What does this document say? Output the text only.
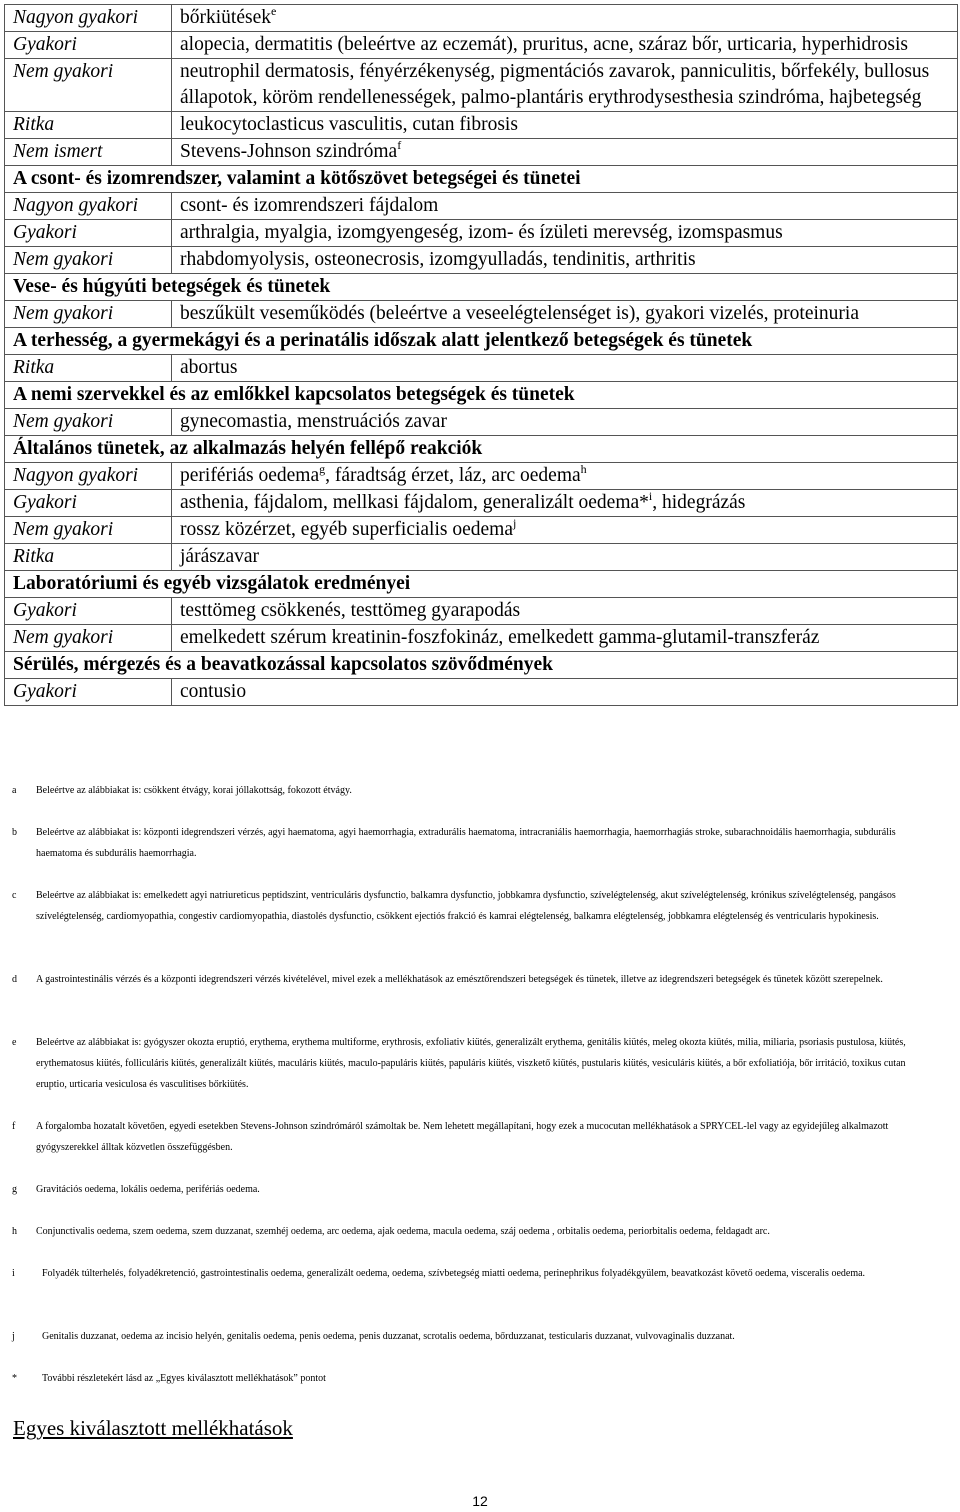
Nagyon gyakori	bőrkiütések$^e$
Gyakori	alopecia, dermatitis (beleértve az eczemát), pruritus, acne, száraz bőr, urticaria, hyperhidrosis
Nem gyakori	neutrophil dermatosis, fényérzékenység, pigmentációs zavarok, panniculitis, bőrfekély, bullosus állapotok, köröm rendellenességek, palmo-plantáris erythrodysesthesia szindróma, hajbetegség
Ritka	leukocytoclasticus vasculitis, cutan fibrosis
Nem ismert	Stevens-Johnson szindróma$^f$
A csont- és izomrendszer, valamint a kötőszövet betegségei és tünetei	
Nagyon gyakori	csont- és izomrendszeri fájdalom
Gyakori	arthralgia, myalgia, izomgyengeség, izom- és ízületi merevség, izomspasmus
Nem gyakori	rhabdomyolysis, osteonecrosis, izomgyulladás, tendinitis, arthritis
Vese- és húgyúti betegségek és tünetek	
Nem gyakori	beszűkült veseműködés (beleértve a veseelégtelenséget is), gyakori vizelés, proteinuria
A terhesség, a gyermekágyi és a perinatális időszak alatt jelentkező betegségek és tünetek	
Ritka	abortus
A nemi szervekkel és az emlőkkel kapcsolatos betegségek és tünetek	
Nem gyakori	gynecomastia, menstruációs zavar
Általános tünetek, az alkalmazás helyén fellépő reakciók	
Nagyon gyakori	perifériás oedema$^g$, fáradtság érzet, láz, arc oedema$^h$
Gyakori	asthenia, fájdalom, mellkasi fájdalom, generalizált oedema*$^i$, hidegrázás
Nem gyakori	rossz közérzet, egyéb superficialis oedema$^j$
Ritka	járászavar
Laboratóriumi és egyéb vizsgálatok eredményei	
Gyakori	testtömeg csökkenés, testtömeg gyarapodás
Nem gyakori	emelkedett szérum kreatinin-foszfokináz, emelkedett gamma-glutamil-transzferáz
Sérülés, mérgezés és a beavatkozással kapcsolatos szövődmények	
Gyakori	contusio
a Beleértve az alábbiakat is: csökkent étvágy, korai jóllakottság, fokozott étvágy.
b Beleértve az alábbiakat is: központi idegrendszeri vérzés, agyi haematoma, agyi haemorrhagia, extradurális haematoma, intracraniális haemorrhagia, haemorrhagiás stroke, subarachnoidális haemorrhagia, subdurális haematoma és subdurális haemorrhagia.
c Beleértve az alábbiakat is: emelkedett agyi natriureticus peptidszint, ventriculáris dysfunctio, balkamra dysfunctio, jobbkamra dysfunctio, szívelégtelenség, akut szívelégtelenség, krónikus szívelégtelenség, pangásos szívelégtelenség, cardiomyopathia, congestiv cardiomyopathia, diastolés dysfunctio, csökkent ejectiós frakció és kamrai elégtelenség, balkamra elégtelenség, jobbkamra elégtelenség és ventricularis hypokinesis.
d A gastrointestinális vérzés és a központi idegrendszeri vérzés kivételével, mivel ezek a mellékhatások az emésztőrendszeri betegségek és tünetek, illetve az idegrendszeri betegségek és tünetek között szerepelnek.
e Beleértve az alábbiakat is: gyógyszer okozta eruptió, erythema, erythema multiforme, erythrosis, exfoliativ kiütés, generalizált erythema, genitális kiütés, meleg okozta kiütés, milia, miliaria, psoriasis pustulosa, kiütés, erythematosus kiütés, folliculáris kiütés, generalizált kiütés, maculáris kiütés, maculo-papuláris kiütés, papuláris kiütés, viszkető kiütés, pustularis kiütés, vesiculáris kiütés, a bőr exfoliatiója, bőr irritáció, toxikus cutan eruptio, urticaria vesiculosa és vasculitises bőrkiütés.
f A forgalomba hozatalt követően, egyedi esetekben Stevens-Johnson szindrómáról számoltak be. Nem lehetett megállapítani, hogy ezek a mucocutan mellékhatások a SPRYCEL-lel vagy az egyidejűleg alkalmazott gyógyszerekkel álltak közvetlen összefüggésben.
g Gravitációs oedema, lokális oedema, perifériás oedema.
h Conjunctivalis oedema, szem oedema, szem duzzanat, szemhéj oedema, arc oedema, ajak oedema, macula oedema, száj oedema , orbitalis oedema, periorbitalis oedema, feldagadt arc.
i	Folyadék túlterhelés, folyadékretenció, gastrointestinalis oedema, generalizált oedema, oedema, szívbetegség miatti oedema, perinephrikus folyadékgyülem, beavatkozást követő oedema, visceralis oedema.
j	Genitalis duzzanat, oedema az incisio helyén, genitalis oedema, penis oedema, penis duzzanat, scrotalis oedema, bőrduzzanat, testicularis duzzanat, vulvovaginalis duzzanat.
*	További részletekért lásd az „Egyes kiválasztott mellékhatások” pontot
Egyes kiválasztott mellékhatások
12
